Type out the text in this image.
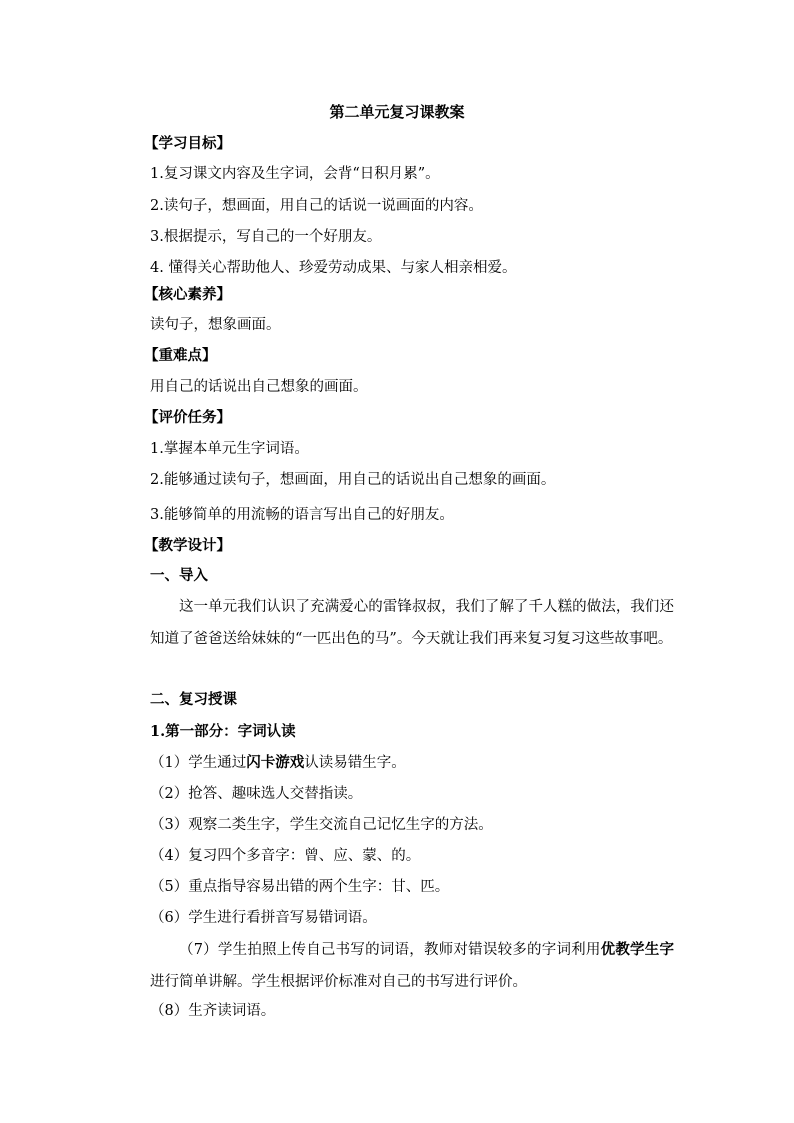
第二单元复习课教案
【学习目标】
1.复习课文内容及生字词，会背“日积月累”。
2.读句子，想画面，用自己的话说一说画面的内容。
3.根据提示，写自己的一个好朋友。
4. 懂得关心帮助他人、珍爱劳动成果、与家人相亲相爱。
【核心素养】
读句子，想象画面。
【重难点】
用自己的话说出自己想象的画面。
【评价任务】
1.掌握本单元生字词语。
2.能够通过读句子，想画面，用自己的话说出自己想象的画面。
3.能够简单的用流畅的语言写出自己的好朋友。
【教学设计】
一、导入
这一单元我们认识了充满爱心的雷锋叔叔，我们了解了千人糕的做法，我们还知道了爸爸送给妹妹的“一匹出色的马”。今天就让我们再来复习复习这些故事吧。
二、复习授课
1.第一部分：字词认读
（1）学生通过闪卡游戏认读易错生字。
（2）抢答、趣味选人交替指读。
（3）观察二类生字，学生交流自己记忆生字的方法。
（4）复习四个多音字：曾、应、蒙、的。
（5）重点指导容易出错的两个生字：甘、匹。
（6）学生进行看拼音写易错词语。
（7）学生拍照上传自己书写的词语，教师对错误较多的字词利用优教学生字进行简单讲解。学生根据评价标准对自己的书写进行评价。
（8）生齐读词语。
